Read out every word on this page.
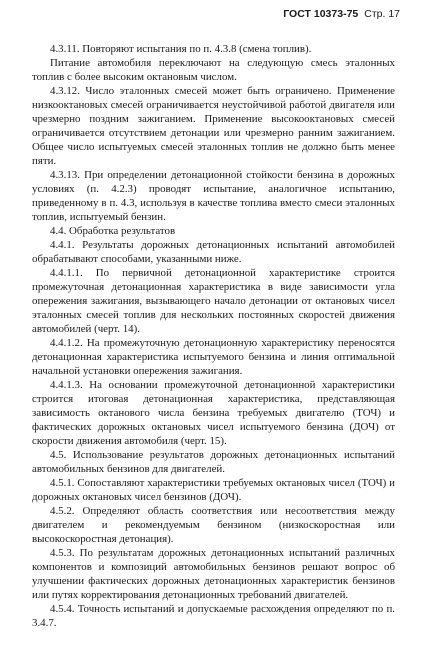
ГОСТ 10373-75 Стр. 17

4.3.11. Повторяют испытания по п. 4.3.8 (смена топлив).

Питание автомобиля переключают на следующую смесь эталонных топлив с более высоким октановым числом.

4.3.12. Число эталонных смесей может быть ограничено. Применение низкооктановых смесей ограничивается неустойчивой работой двигателя или чрезмерно поздним зажиганием. Применение высокооктановых смесей ограничивается отсутствием детонации или чрезмерно ранним зажиганием. Общее число испытуемых смесей эталонных топлив не должно быть менее пяти.

4.3.13. При определении детонационной стойкости бензина в дорожных условиях (п. 4.2.3) проводят испытание, аналогичное испытанию, приведенному в п. 4.3, используя в качестве топлива вместо смеси эталонных топлив, испытуемый бензин.

4.4. Обработка результатов

4.4.1. Результаты дорожных детонационных испытаний автомобилей обрабатывают способами, указанными ниже.

4.4.1.1. По первичной детонационной характеристике строится промежуточная детонационная характеристика в виде зависимости угла опережения зажигания, вызывающего начало детонации от октановых чисел эталонных смесей топлив для нескольких постоянных скоростей движения автомобилей (черт. 14).

4.4.1.2. На промежуточную детонационную характеристику переносятся детонационная характеристика испытуемого бензина и линия оптимальной начальной установки опережения зажигания.

4.4.1.3. На основании промежуточной детонационной характеристики строится итоговая детонационная характеристика, представляющая зависимость октанового числа бензина требуемых двигателю (ТОЧ) и фактических дорожных октановых чисел испытуемого бензина (ДОЧ) от скорости движения автомобиля (черт. 15).

4.5. Использование результатов дорожных детонационных испытаний автомобильных бензинов для двигателей.

4.5.1. Сопоставляют характеристики требуемых октановых чисел (ТОЧ) и дорожных октановых чисел бензинов (ДОЧ).

4.5.2. Определяют область соответствия или несоответствия между двигателем и рекомендуемым бензином (низкоскоростная или высокоскоростная детонация).

4.5.3. По результатам дорожных детонационных испытаний различных компонентов и композиций автомобильных бензинов решают вопрос об улучшении фактических дорожных детонационных характеристик бензинов или путях корректирования детонационных требований двигателей.

4.5.4. Точность испытаний и допускаемые расхождения определяют по п. 3.4.7.
